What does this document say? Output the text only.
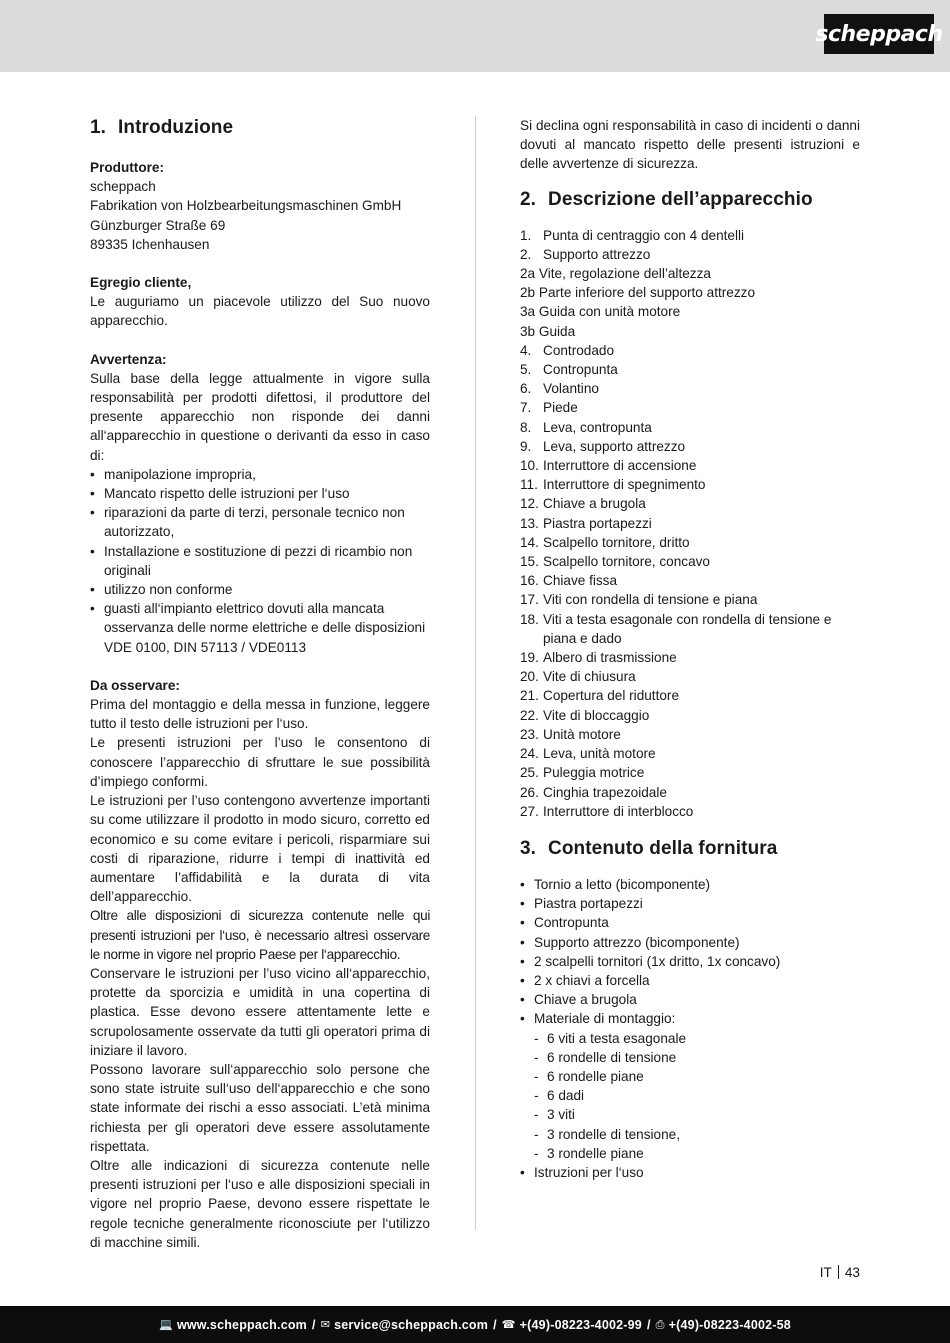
scheppach
1. Introduzione
Produttore:
scheppach
Fabrikation von Holzbearbeitungsmaschinen GmbH
Günzburger Straße 69
89335 Ichenhausen
Egregio cliente,

Le auguriamo un piacevole utilizzo del Suo nuovo apparecchio.

Avvertenza:

Sulla base della legge attualmente in vigore sulla responsabilità per prodotti difettosi, il produttore del presente apparecchio non risponde dei danni all‘apparecchio in questione o derivanti da esso in caso di:

• manipolazione impropria,
• Mancato rispetto delle istruzioni per l‘uso
• riparazioni da parte di terzi, personale tecnico non autorizzato,
• Installazione e sostituzione di pezzi di ricambio non originali
• utilizzo non conforme
• guasti all‘impianto elettrico dovuti alla mancata osservanza delle norme elettriche e delle disposizioni VDE 0100, DIN 57113 / VDE0113
Da osservare:

Prima del montaggio e della messa in funzione, leggere tutto il testo delle istruzioni per l‘uso.

Le presenti istruzioni per l’uso le consentono di conoscere l’apparecchio di sfruttare le sue possibilità d’impiego conformi.

Le istruzioni per l’uso contengono avvertenze importanti su come utilizzare il prodotto in modo sicuro, corretto ed economico e su come evitare i pericoli, risparmiare sui costi di riparazione, ridurre i tempi di inattività ed aumentare l’affidabilità e la durata di vita dell’apparecchio.

Oltre alle disposizioni di sicurezza contenute nelle qui presenti istruzioni per l‘uso, è necessario altresì osservare le norme in vigore nel proprio Paese per l‘apparecchio.

Conservare le istruzioni per l’uso vicino all‘apparecchio, protette da sporcizia e umidità in una copertina di plastica. Esse devono essere attentamente lette e scrupolosamente osservate da tutti gli operatori prima di iniziare il lavoro.

Possono lavorare sull‘apparecchio solo persone che sono state istruite sull‘uso dell‘apparecchio e che sono state informate dei rischi a esso associati. L’età minima richiesta per gli operatori deve essere assolutamente rispettata.

Oltre alle indicazioni di sicurezza contenute nelle presenti istruzioni per l‘uso e alle disposizioni speciali in vigore nel proprio Paese, devono essere rispettate le regole tecniche generalmente riconosciute per l‘utilizzo di macchine simili.

Si declina ogni responsabilità in caso di incidenti o danni dovuti al mancato rispetto delle presenti istruzioni e delle avvertenze di sicurezza.

2. Descrizione dell’apparecchio
1. Punta di centraggio con 4 dentelli
2. Supporto attrezzo
2a Vite, regolazione dell’altezza
2b Parte inferiore del supporto attrezzo
3a Guida con unità motore
3b Guida
4. Controdado
5. Contropunta
6. Volantino
7. Piede
8. Leva, contropunta
9. Leva, supporto attrezzo
10. Interruttore di accensione
11. Interruttore di spegnimento
12. Chiave a brugola
13. Piastra portapezzi
14. Scalpello tornitore, dritto
15. Scalpello tornitore, concavo
16. Chiave fissa
17. Viti con rondella di tensione e piana
18. Viti a testa esagonale con rondella di tensione e piana e dado
19. Albero di trasmissione
20. Vite di chiusura
21. Copertura del riduttore
22. Vite di bloccaggio
23. Unità motore
24. Leva, unità motore
25. Puleggia motrice
26. Cinghia trapezoidale
27. Interruttore di interblocco
3. Contenuto della fornitura
• Tornio a letto (bicomponente)
• Piastra portapezzi
• Contropunta
• Supporto attrezzo (bicomponente)
• 2 scalpelli tornitori (1x dritto, 1x concavo)
• 2 x chiavi a forcella
• Chiave a brugola
• Materiale di montaggio:
- 6 viti a testa esagonale
- 6 rondelle di tensione
- 6 rondelle piane
- 6 dadi
- 3 viti
- 3 rondelle di tensione,
- 3 rondelle piane
• Istruzioni per l‘uso
IT 43
💻 www.scheppach.com / ✉ service@scheppach.com / ☎ +(49)-08223-4002-99 / ⎙ +(49)-08223-4002-58
